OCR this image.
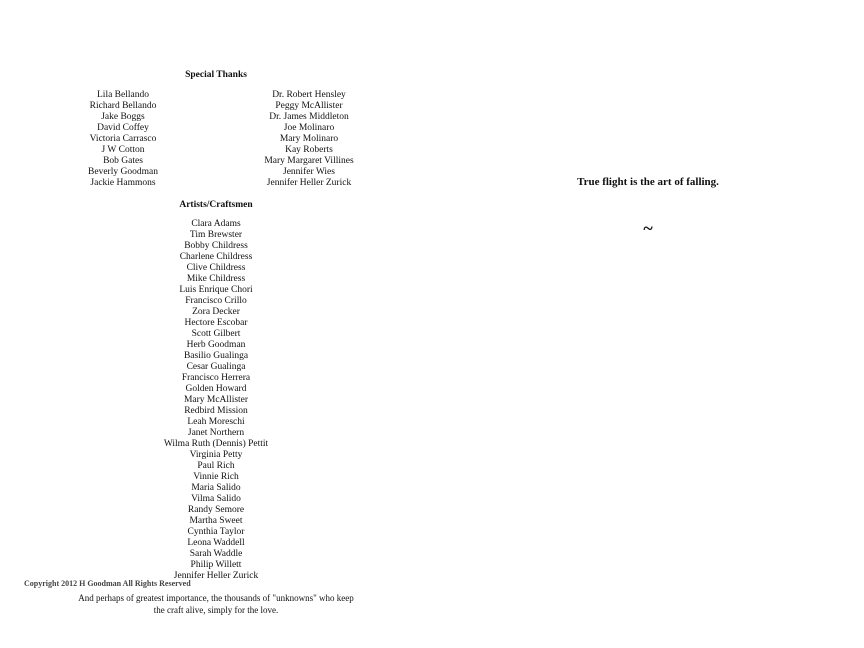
Special Thanks
Lila Bellando
Richard Bellando
Jake Boggs
David Coffey
Victoria Carrasco
J W Cotton
Bob Gates
Beverly Goodman
Jackie Hammons
Dr. Robert Hensley
Peggy McAllister
Dr. James Middleton
Joe Molinaro
Mary Molinaro
Kay Roberts
Mary Margaret Villines
Jennifer Wies
Jennifer Heller Zurick
Artists/Craftsmen
Clara Adams
Tim Brewster
Bobby Childress
Charlene Childress
Clive Childress
Mike Childress
Luis Enrique Chori
Francisco Crillo
Zora Decker
Hectore Escobar
Scott Gilbert
Herb Goodman
Basilio Gualinga
Cesar Gualinga
Francisco Herrera
Golden Howard
Mary McAllister
Redbird Mission
Leah Moreschi
Janet Northern
Wilma Ruth (Dennis) Pettit
Virginia Petty
Paul Rich
Vinnie Rich
Maria Salido
Vilma Salido
Randy Semore
Martha Sweet
Cynthia Taylor
Leona Waddell
Sarah Waddle
Philip Willett
Jennifer Heller Zurick
Copyright 2012 H Goodman All Rights Reserved
And perhaps of greatest importance, the thousands of "unknowns" who keep
the craft alive, simply for the love.
True flight is the art of falling.
~
